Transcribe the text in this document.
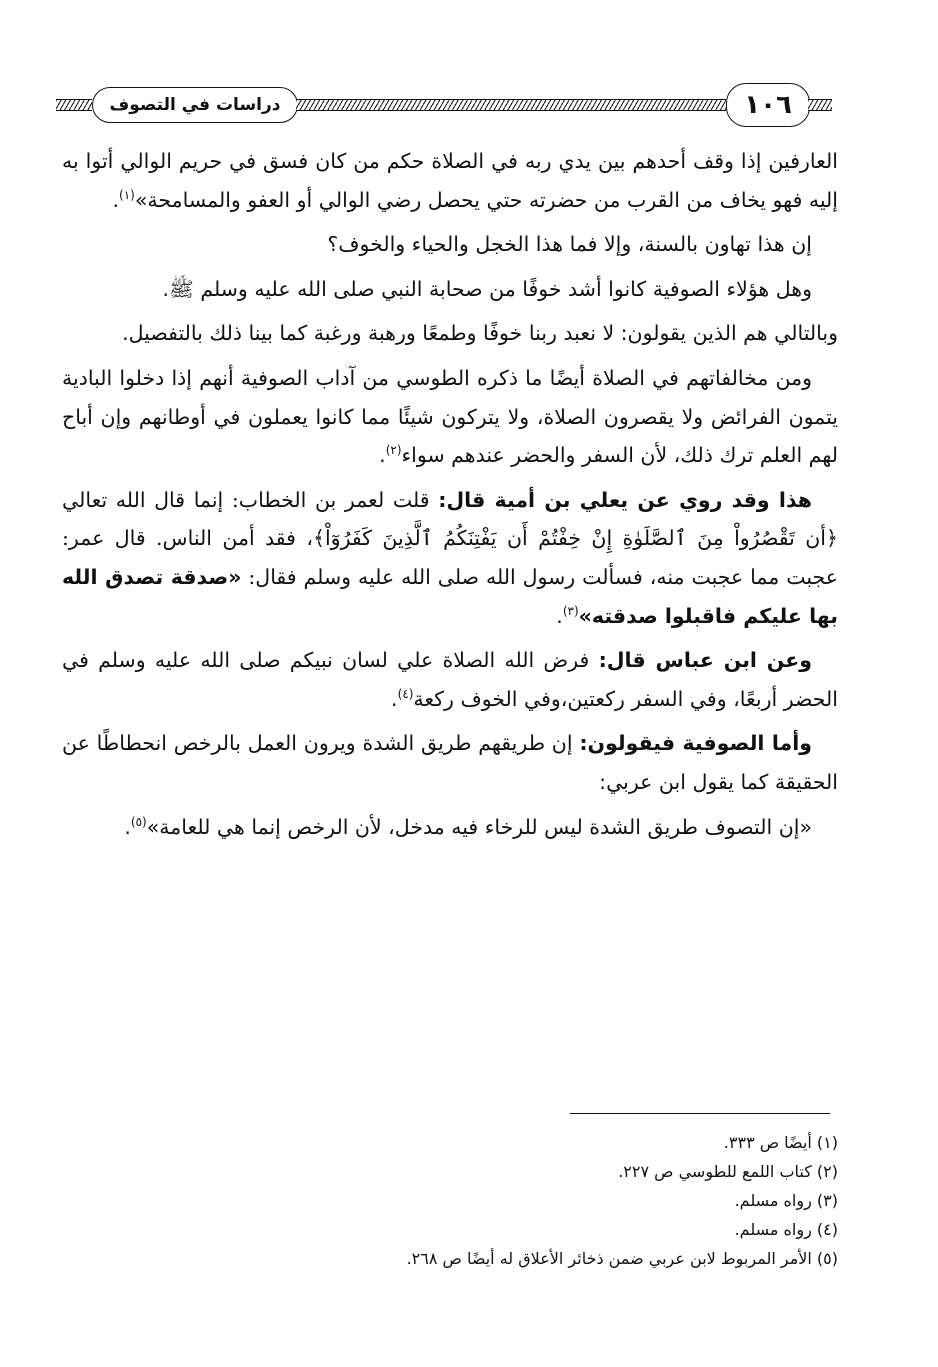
دراسات في التصوف	١٠٦

العارفين إذا وقف أحدهم بين يدي ربه في الصلاة حكم من كان فسق في حريم الوالي أتوا به إليه فهو يخاف من القرب من حضرته حتي يحصل رضي الوالي أو العفو والمسامحة»$^{(١)}$.

إن هذا تهاون بالسنة، وإلا فما هذا الخجل والحياء والخوف؟

وهل هؤلاء الصوفية كانوا أشد خوفًا من صحابة النبي صلى الله عليه وسلم ﷺ.

وبالتالي هم الذين يقولون: لا نعبد ربنا خوفًا وطمعًا ورهبة ورغبة كما بينا ذلك بالتفصيل.

ومن مخالفاتهم في الصلاة أيضًا ما ذكره الطوسي من آداب الصوفية أنهم إذا دخلوا البادية يتمون الفرائض ولا يقصرون الصلاة، ولا يتركون شيئًا مما كانوا يعملون في أوطانهم وإن أباح لهم العلم ترك ذلك، لأن السفر والحضر عندهم سواء$^{(٢)}$.

هذا وقد روي عن يعلي بن أمية قال: قلت لعمر بن الخطاب: إنما قال الله تعالي ﴿أن تَقْصُرُواْ مِنَ ٱلصَّلَوٰةِ إِنْ خِفْتُمْ أَن يَفْتِنَكُمُ ٱلَّذِينَ كَفَرُوٓاْ﴾، فقد أمن الناس. قال عمر: عجبت مما عجبت منه، فسألت رسول الله صلى الله عليه وسلم فقال: «صدقة تصدق الله بها عليكم فاقبلوا صدقته»$^{(٣)}$.

وعن ابن عباس قال: فرض الله الصلاة علي لسان نبيكم صلى الله عليه وسلم في الحضر أربعًا، وفي السفر ركعتين،وفي الخوف ركعة$^{(٤)}$.

وأما الصوفية فيقولون: إن طريقهم طريق الشدة ويرون العمل بالرخص انحطاطًا عن الحقيقة كما يقول ابن عربي:

«إن التصوف طريق الشدة ليس للرخاء فيه مدخل، لأن الرخص إنما هي للعامة»$^{(٥)}$.

(١) أيضًا ص ٣٣٣.
(٢) كتاب اللمع للطوسي ص ٢٢٧.
(٣) رواه مسلم.
(٤) رواه مسلم.
(٥) الأمر المربوط لابن عربي ضمن ذخائر الأعلاق له أيضًا ص ٢٦٨.
